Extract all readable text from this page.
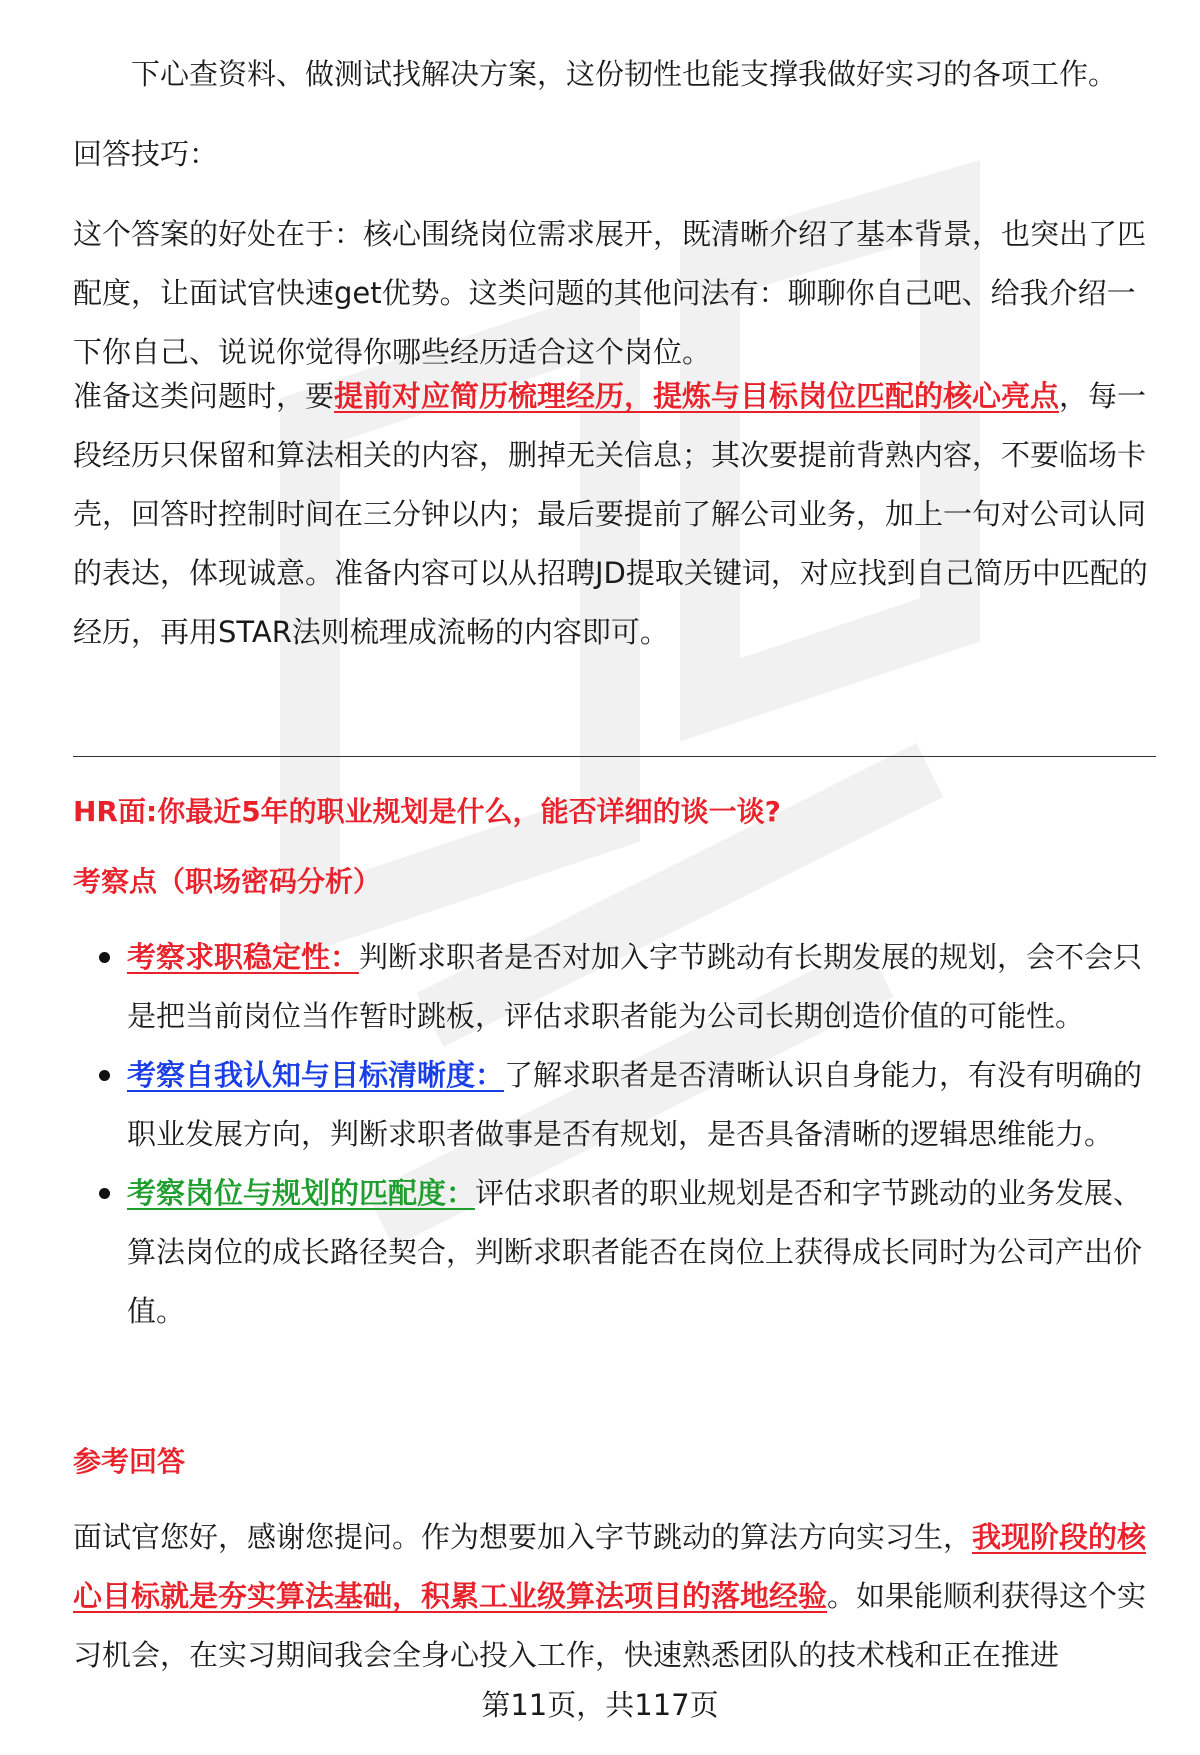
下心查资料、做测试找解决方案，这份韧性也能支撑我做好实习的各项工作。

回答技巧：

这个答案的好处在于：核心围绕岗位需求展开，既清晰介绍了基本背景，也突出了匹配度，让面试官快速get优势。这类问题的其他问法有：聊聊你自己吧、给我介绍一下你自己、说说你觉得你哪些经历适合这个岗位。

准备这类问题时，要提前对应简历梳理经历，提炼与目标岗位匹配的核心亮点，每一段经历只保留和算法相关的内容，删掉无关信息；其次要提前背熟内容，不要临场卡壳，回答时控制时间在三分钟以内；最后要提前了解公司业务，加上一句对公司认同的表达，体现诚意。准备内容可以从招聘JD提取关键词，对应找到自己简历中匹配的经历，再用STAR法则梳理成流畅的内容即可。

HR面:你最近5年的职业规划是什么，能否详细的谈一谈?

考察点（职场密码分析）

考察求职稳定性：判断求职者是否对加入字节跳动有长期发展的规划，会不会只是把当前岗位当作暂时跳板，评估求职者能为公司长期创造价值的可能性。
考察自我认知与目标清晰度：了解求职者是否清晰认识自身能力，有没有明确的职业发展方向，判断求职者做事是否有规划，是否具备清晰的逻辑思维能力。
考察岗位与规划的匹配度：评估求职者的职业规划是否和字节跳动的业务发展、算法岗位的成长路径契合，判断求职者能否在岗位上获得成长同时为公司产出价值。

参考回答

面试官您好，感谢您提问。作为想要加入字节跳动的算法方向实习生，我现阶段的核心目标就是夯实算法基础，积累工业级算法项目的落地经验。如果能顺利获得这个实习机会，在实习期间我会全身心投入工作，快速熟悉团队的技术栈和正在推进

第11页，共117页
